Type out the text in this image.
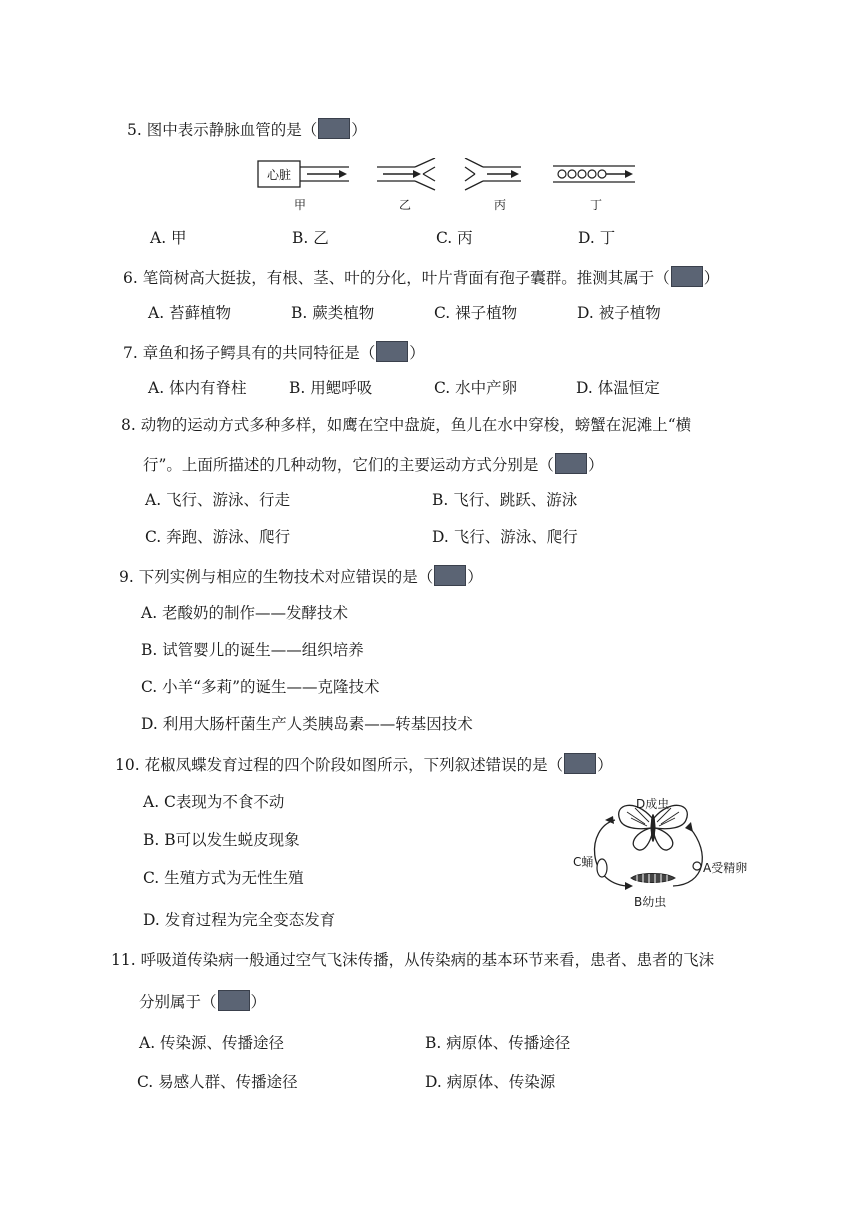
5. 图中表示静脉血管的是（ ）
心脏
甲	乙	丙	丁
A. 甲	B. 乙	C. 丙	D. 丁
6. 笔筒树高大挺拔，有根、茎、叶的分化，叶片背面有孢子囊群。推测其属于（ ）
A. 苔藓植物	B. 蕨类植物	C. 裸子植物	D. 被子植物
7. 章鱼和扬子鳄具有的共同特征是（ ）
A. 体内有脊柱	B. 用鳃呼吸	C. 水中产卵	D. 体温恒定
8. 动物的运动方式多种多样，如鹰在空中盘旋，鱼儿在水中穿梭，螃蟹在泥滩上“横
行”。上面所描述的几种动物，它们的主要运动方式分别是（ ）
A. 飞行、游泳、行走	B. 飞行、跳跃、游泳
C. 奔跑、游泳、爬行	D. 飞行、游泳、爬行
9. 下列实例与相应的生物技术对应错误的是（ ）
A. 老酸奶的制作——发酵技术
B. 试管婴儿的诞生——组织培养
C. 小羊“多莉”的诞生——克隆技术
D. 利用大肠杆菌生产人类胰岛素——转基因技术
10. 花椒凤蝶发育过程的四个阶段如图所示，下列叙述错误的是（ ）
A. C表现为不食不动
B. B可以发生蜕皮现象
C. 生殖方式为无性生殖
D. 发育过程为完全变态发育
D成虫
C蛹	A受精卵
B幼虫
11. 呼吸道传染病一般通过空气飞沫传播，从传染病的基本环节来看，患者、患者的飞沫
分别属于（ ）
A. 传染源、传播途径	B. 病原体、传播途径
C. 易感人群、传播途径	D. 病原体、传染源
